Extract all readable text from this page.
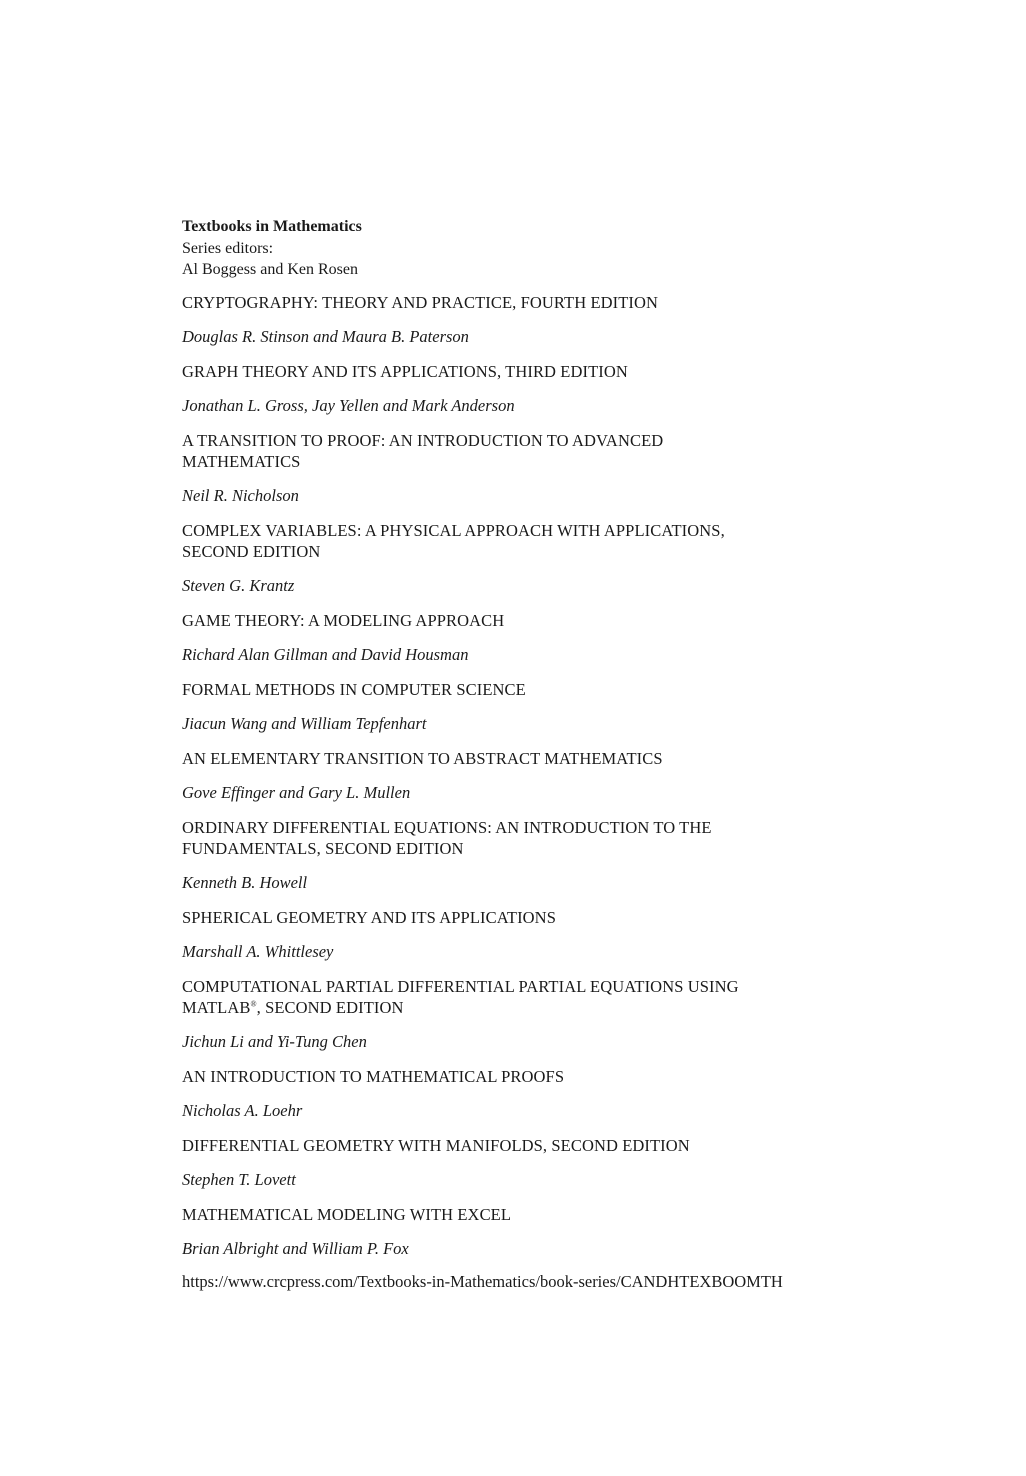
Textbooks in Mathematics
Series editors:
Al Boggess and Ken Rosen

CRYPTOGRAPHY: THEORY AND PRACTICE, FOURTH EDITION

Douglas R. Stinson and Maura B. Paterson

GRAPH THEORY AND ITS APPLICATIONS, THIRD EDITION

Jonathan L. Gross, Jay Yellen and Mark Anderson

A TRANSITION TO PROOF: AN INTRODUCTION TO ADVANCED MATHEMATICS

Neil R. Nicholson

COMPLEX VARIABLES: A PHYSICAL APPROACH WITH APPLICATIONS, SECOND EDITION

Steven G. Krantz

GAME THEORY: A MODELING APPROACH

Richard Alan Gillman and David Housman

FORMAL METHODS IN COMPUTER SCIENCE

Jiacun Wang and William Tepfenhart

AN ELEMENTARY TRANSITION TO ABSTRACT MATHEMATICS

Gove Effinger and Gary L. Mullen

ORDINARY DIFFERENTIAL EQUATIONS: AN INTRODUCTION TO THE FUNDAMENTALS, SECOND EDITION

Kenneth B. Howell

SPHERICAL GEOMETRY AND ITS APPLICATIONS

Marshall A. Whittlesey

COMPUTATIONAL PARTIAL DIFFERENTIAL PARTIAL EQUATIONS USING MATLAB®, SECOND EDITION

Jichun Li and Yi-Tung Chen

AN INTRODUCTION TO MATHEMATICAL PROOFS

Nicholas A. Loehr

DIFFERENTIAL GEOMETRY WITH MANIFOLDS, SECOND EDITION

Stephen T. Lovett

MATHEMATICAL MODELING WITH EXCEL

Brian Albright and William P. Fox

https://www.crcpress.com/Textbooks-in-Mathematics/book-series/CANDHTEXBOOMTH
